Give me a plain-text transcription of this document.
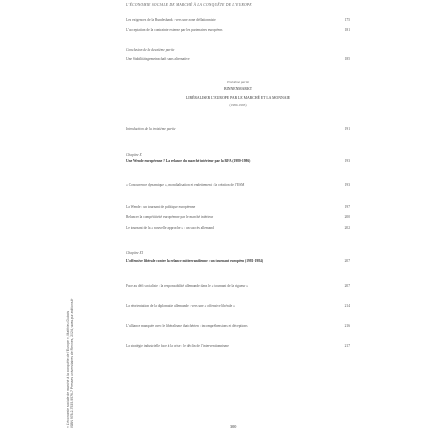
L’ÉCONOMIE SOCIALE DE MARCHÉ À LA CONQUÊTE DE L’EUROPE
Les exigences de la Bundesbank : vers une zone déflationniste	175
L’acceptation de la contrainte externe par les partenaires européens	181
Conclusion de la deuxième partie
Une Stabilitätsgemeinschaft sans alternative	185
Troisième partie
BINNENMARKT
LIBÉRALISER L’EUROPE PAR LE MARCHÉ ET LA MONNAIE
(1980-1993)
Introduction de la troisième partie	191
Chapitre X
Une Wende européenne ? La relance du marché intérieur par la RFA (1980-1986)	193
« Concurrence dynamique », mondialisation et endettement : la création de l’ESM	193
La Wende : un tournant de politique européenne	197
Relancer la compétitivité européenne par le marché intérieur	200
Le tournant de la « nouvelle approche » : un succès allemand	202
Chapitre XI
L’offensive libérale contre la relance mitterrandienne : un tournant européen (1981-1984)	207
Face au défi socialiste : la responsabilité allemande dans le « tournant de la rigueur »	207
La réorientation de la diplomatie allemande : vers une « offensive libérale »	214
L’alliance manquée avec le libéralisme thatchérien : incompréhensions et déceptions	216
La stratégie industrielle face à la crise : le déclin de l’interventionnisme	217
300
« L’économie sociale de marché à la conquête de l’Europe », Matthieu Dubois ISBN 978-2-7535-9576-7 Presses universitaires de Rennes, 2024, www.pur-editions.fr
